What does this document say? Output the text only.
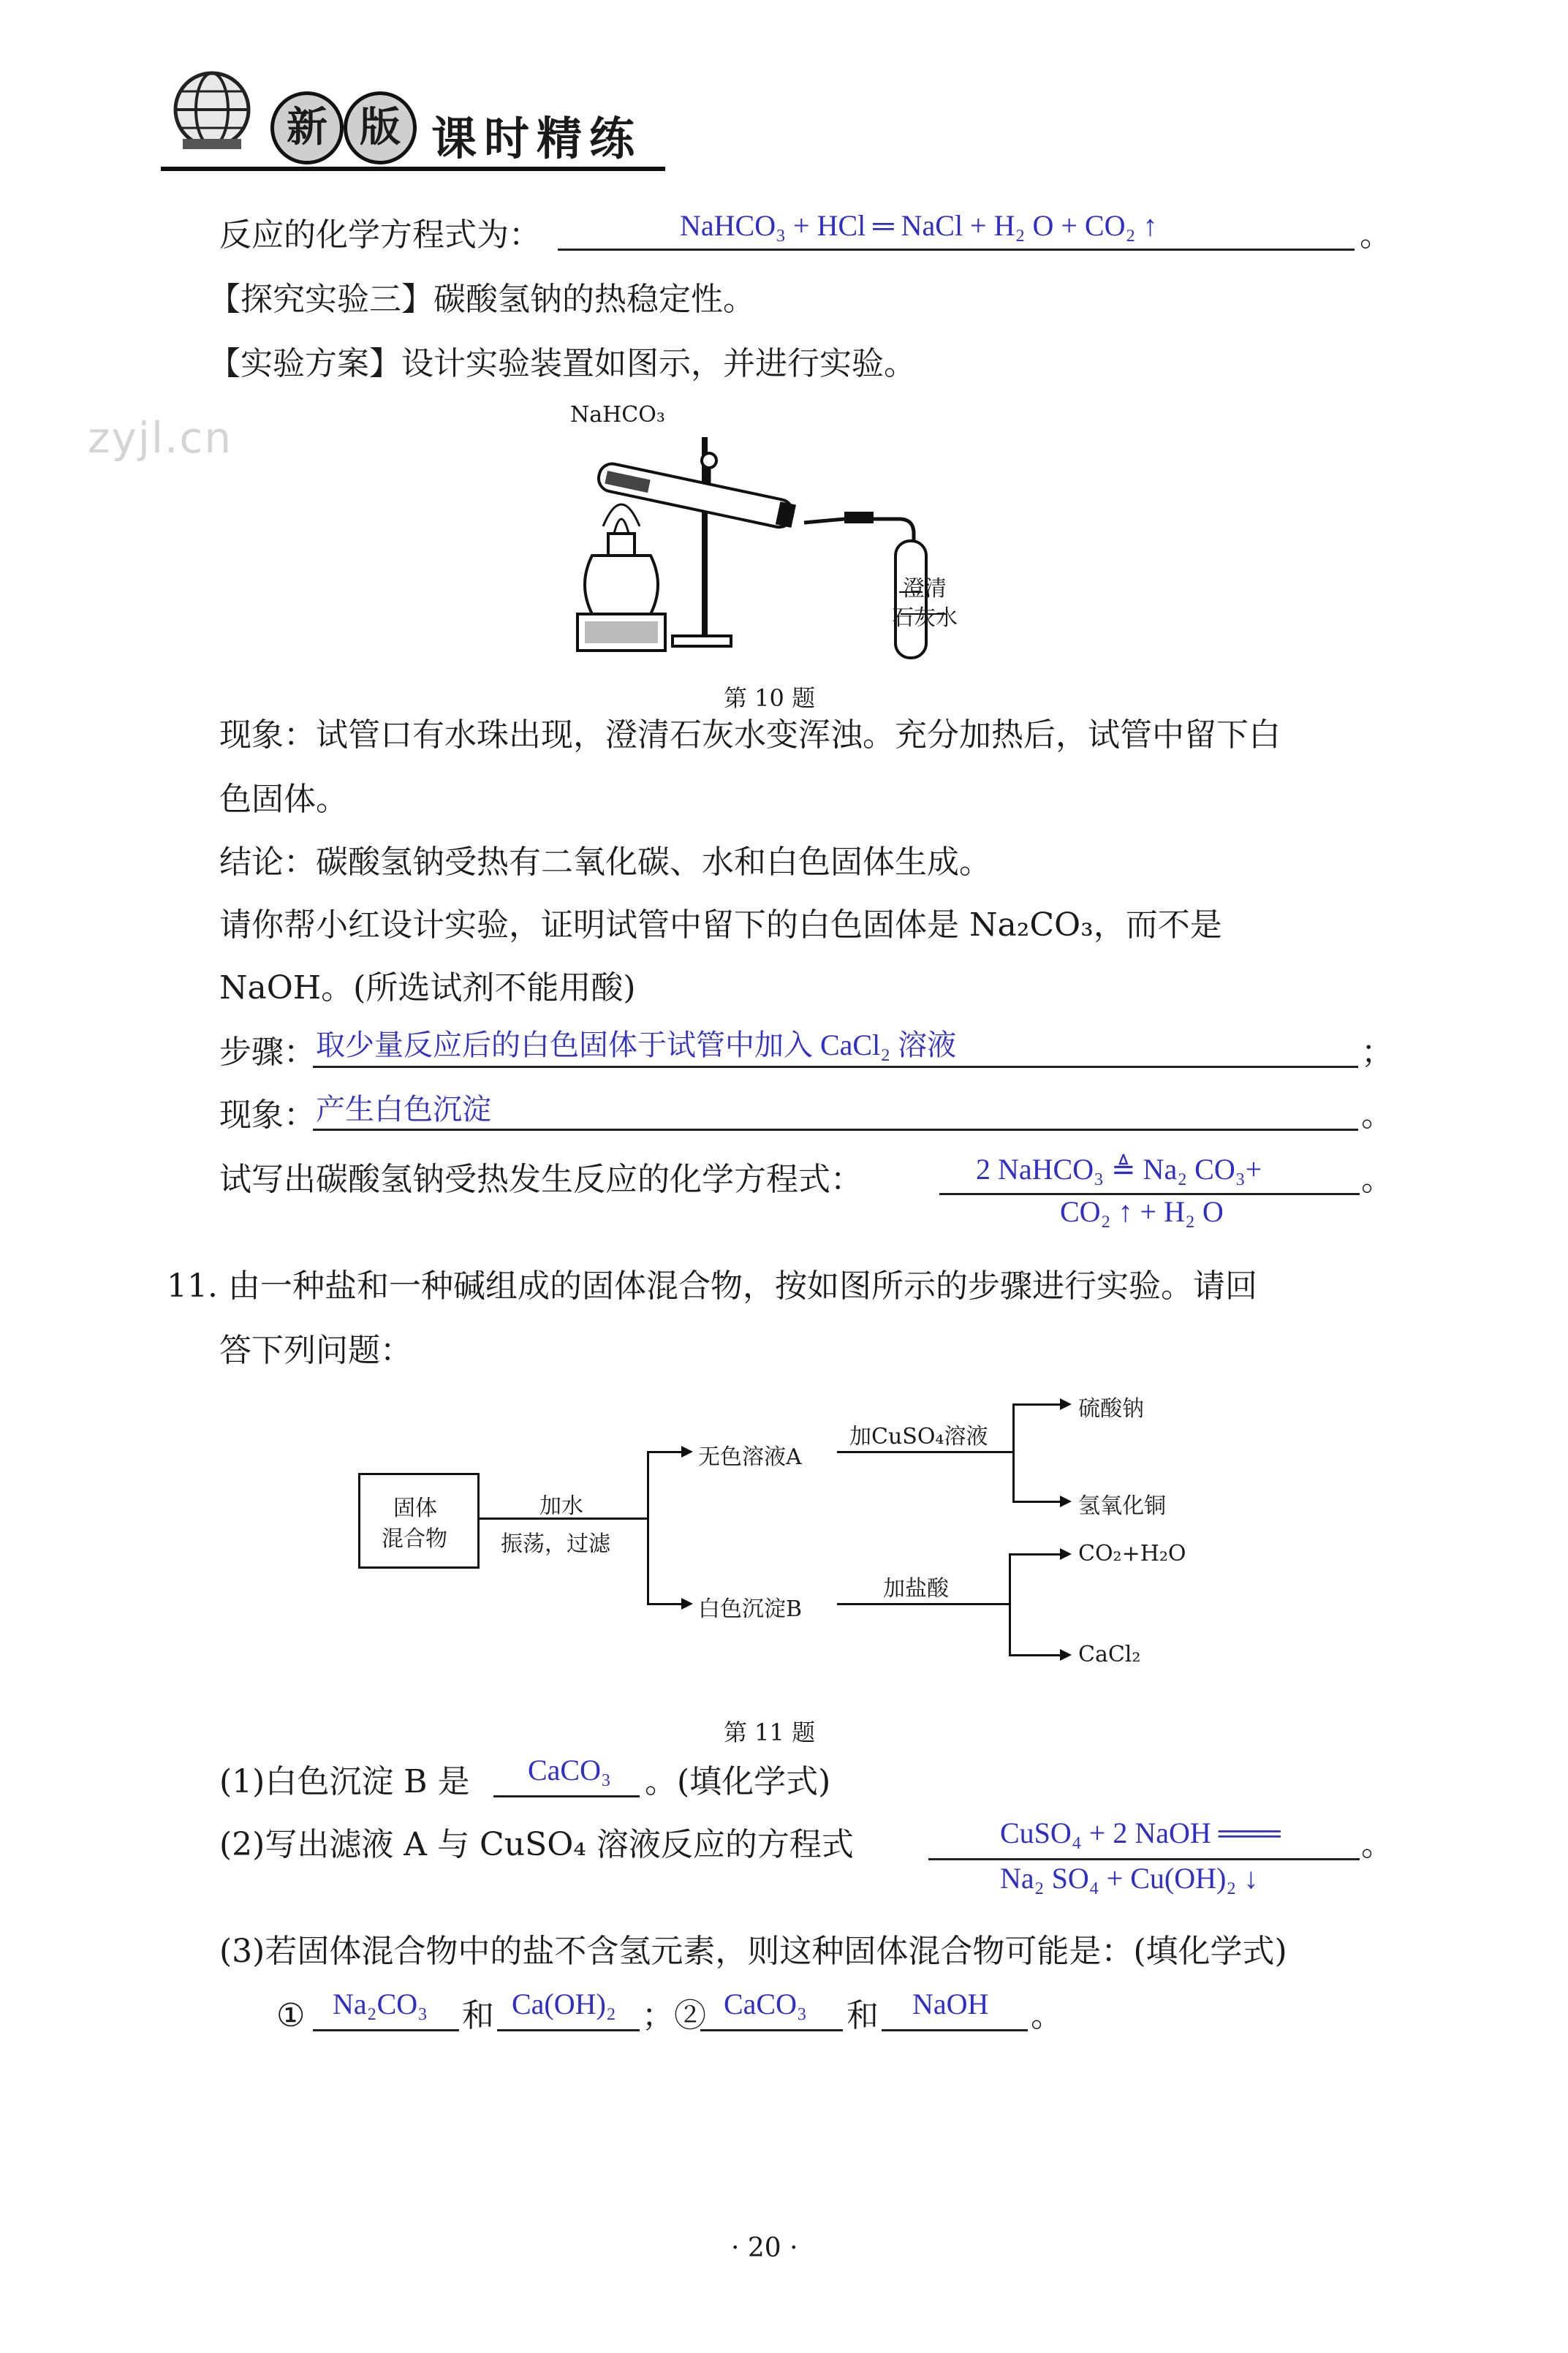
新 版 课时精练
zyjl.cn
反应的化学方程式为：	NaHCO₃ + HCl ═ NaCl + H₂ O + CO₂ ↑	。
【探究实验三】碳酸氢钠的热稳定性。
【实验方案】设计实验装置如图示，并进行实验。
NaHCO₃
澄清
石灰水
第 10 题
现象：试管口有水珠出现，澄清石灰水变浑浊。充分加热后，试管中留下白
色固体。
结论：碳酸氢钠受热有二氧化碳、水和白色固体生成。
请你帮小红设计实验，证明试管中留下的白色固体是 Na₂CO₃，而不是
NaOH。(所选试剂不能用酸)
步骤： 取少量反应后的白色固体于试管中加入 CaCl₂ 溶液	；
现象： 产生白色沉淀	。
试写出碳酸氢钠受热发生反应的化学方程式：	2 NaHCO₃ ≜ Na₂ CO₃+
CO₂ ↑ + H₂ O
。
11. 由一种盐和一种碱组成的固体混合物，按如图所示的步骤进行实验。请回
答下列问题：
固体
混合物
加水
振荡，过滤
无色溶液A
白色沉淀B
加CuSO₄溶液
硫酸钠
氢氧化铜
加盐酸
CO₂+H₂O
CaCl₂
第 11 题
(1)白色沉淀 B 是 CaCO₃ 。(填化学式)
(2)写出滤液 A 与 CuSO₄ 溶液反应的方程式	CuSO₄ + 2 NaOH ═══
Na₂ SO₄ + Cu(OH)₂ ↓
。
(3)若固体混合物中的盐不含氢元素，则这种固体混合物可能是：(填化学式)
① Na₂CO₃ 和 Ca(OH)₂ ；② CaCO₃ 和 NaOH 。
· 20 ·
